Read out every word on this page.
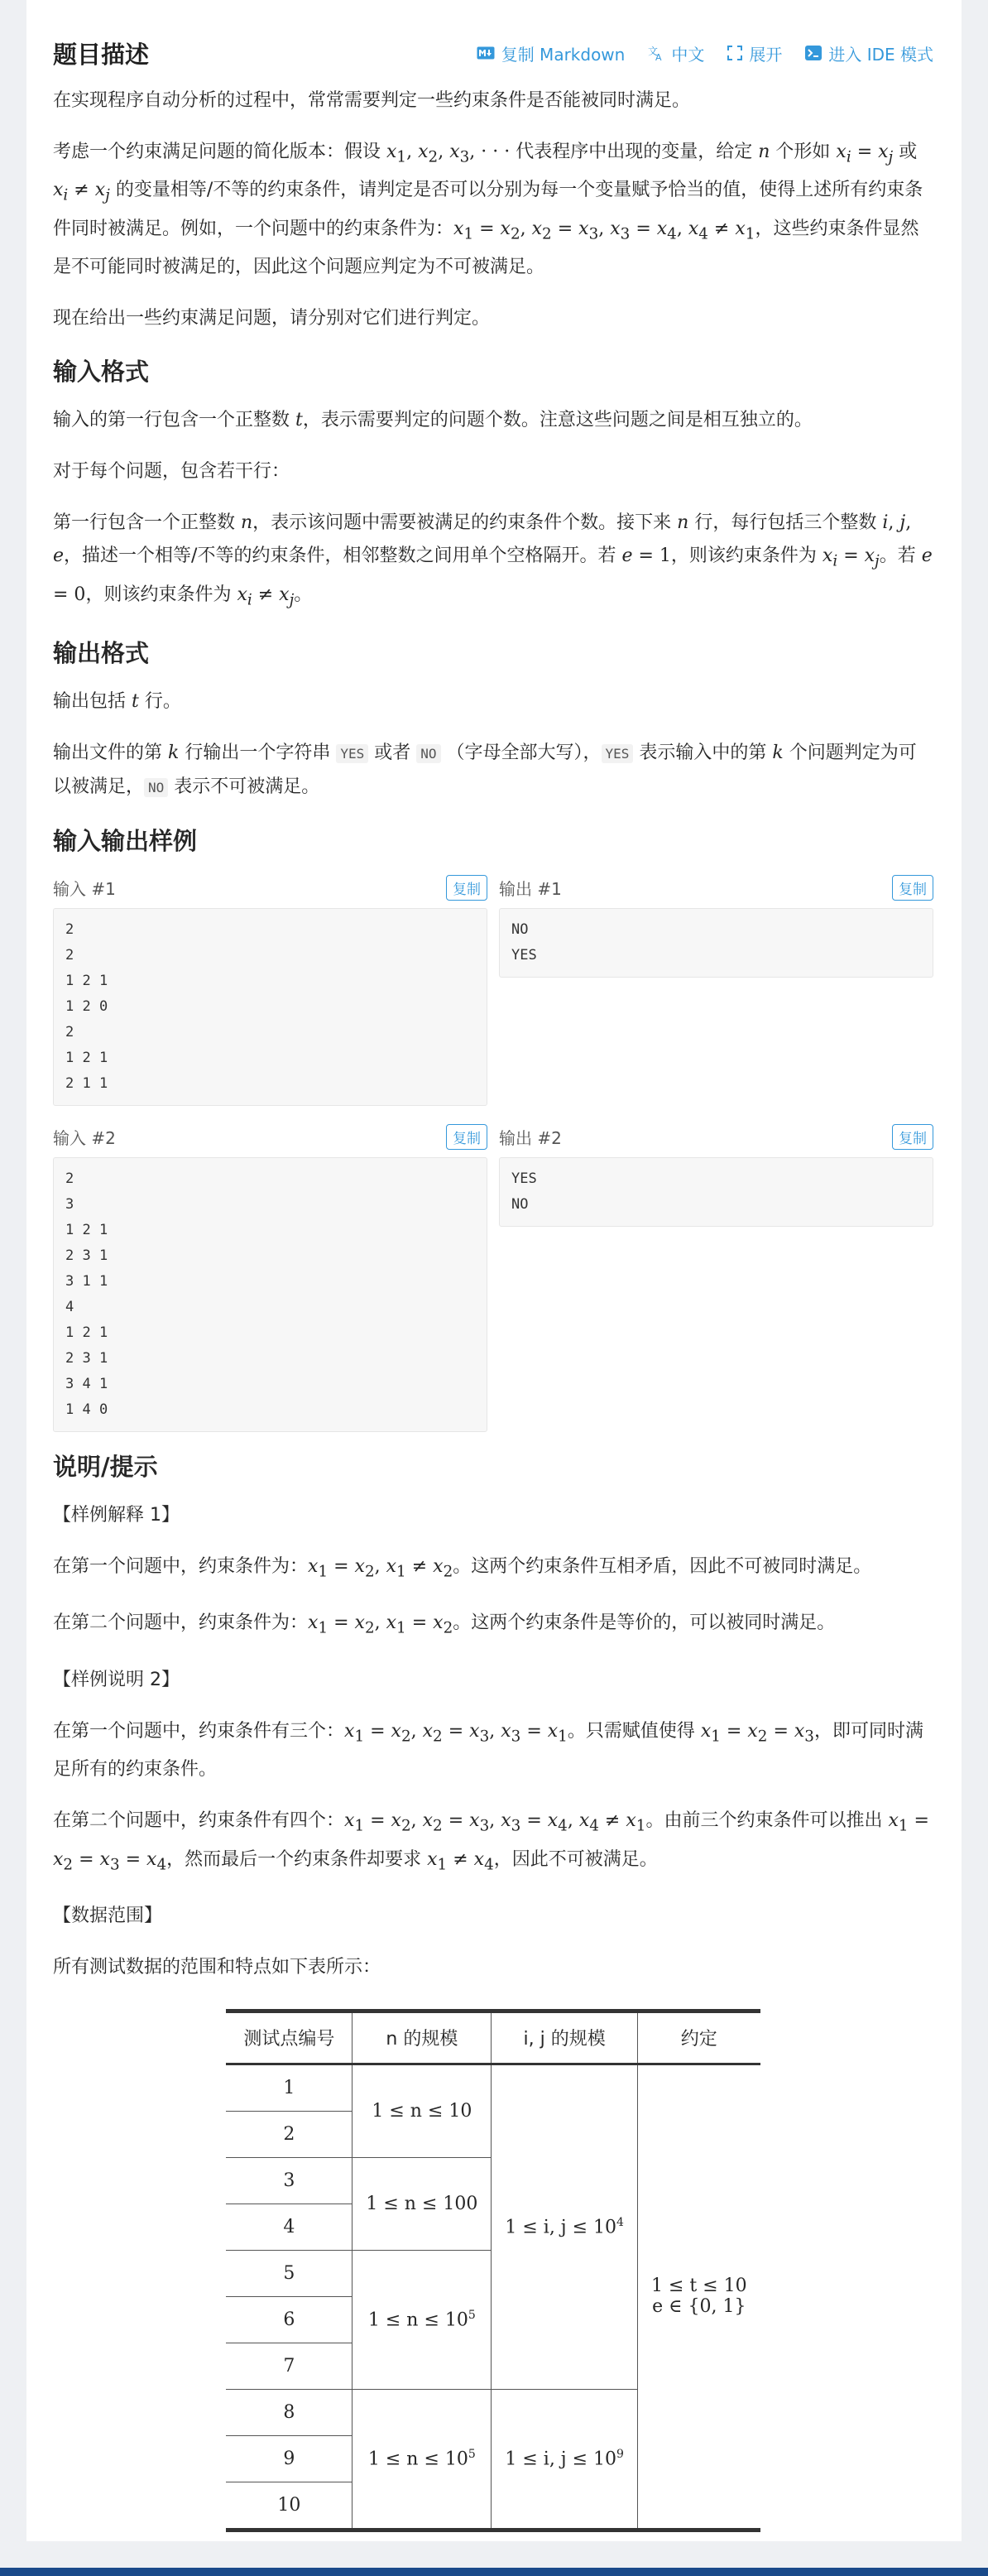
题目描述	复制 Markdown 文
A 中文	展开	进入 IDE 模式

在实现程序自动分析的过程中，常常需要判定一些约束条件是否能被同时满足。

考虑一个约束满足问题的简化版本：假设 $x_1$, $x_2$, $x_3$, · · · 代表程序中出现的变量，给定 n 个形如 $x_i = x_j$ 或 $x_i \ne x_j$ 的变量相等/不等的约束条件，请判定是否可以分别为每一个变量赋予恰当的值，使得上述所有约束条件同时被满足。例如，一个问题中的约束条件为：$x_1 = x_2$, $x_2 = x_3$, $x_3 = x_4$, $x_4 \ne x_1$，这些约束条件显然是不可能同时被满足的，因此这个问题应判定为不可被满足。

现在给出一些约束满足问题，请分别对它们进行判定。

输入格式

输入的第一行包含一个正整数 t，表示需要判定的问题个数。注意这些问题之间是相互独立的。

对于每个问题，包含若干行：

第一行包含一个正整数 n，表示该问题中需要被满足的约束条件个数。接下来 n 行，每行包括三个整数 i, j, e，描述一个相等/不等的约束条件，相邻整数之间用单个空格隔开。若 e = 1，则该约束条件为 $x_i = x_j$。若 e = 0，则该约束条件为 $x_i \ne x_j$。

输出格式

输出包括 t 行。

输出文件的第 k 行输出一个字符串 YES 或者 NO （字母全部大写）， YES 表示输入中的第 k 个问题判定为可以被满足， NO 表示不可被满足。

输入输出样例
输入 #1	复制
2
2
1 2 1
1 2 0
2
1 2 1
2 1 1
输出 #1	复制
NO
YES
输入 #2	复制
2
3
1 2 1
2 3 1
3 1 1
4
1 2 1
2 3 1
3 4 1
1 4 0
输出 #2	复制
YES
NO
说明/提示

【样例解释 1】

在第一个问题中，约束条件为：$x_1 = x_2$, $x_1 \ne x_2$。这两个约束条件互相矛盾，因此不可被同时满足。

在第二个问题中，约束条件为：$x_1 = x_2$, $x_1 = x_2$。这两个约束条件是等价的，可以被同时满足。

【样例说明 2】

在第一个问题中，约束条件有三个：$x_1 = x_2$, $x_2 = x_3$, $x_3 = x_1$。只需赋值使得 $x_1 = x_2 = x_3$，即可同时满足所有的约束条件。

在第二个问题中，约束条件有四个：$x_1 = x_2$, $x_2 = x_3$, $x_3 = x_4$, $x_4 \ne x_1$。由前三个约束条件可以推出 $x_1 = x_2 = x_3 = x_4$，然而最后一个约束条件却要求 $x_1 \ne x_4$，因此不可被满足。

【数据范围】

所有测试数据的范围和特点如下表所示：

测试点编号	n 的规模	i, j 的规模	约定
1	1 ≤ n ≤ 10	1 ≤ i, $j \le 10^4$	1 ≤ t ≤ 10
e ∈ {0, 1}

2			
3	1 ≤ n ≤ 100		
4			
5	$1 \le n \le 10^5$
6			
7			
8	$1 \le n \le 10^5$	1 ≤ i, $j \le 10^9$
9			
10			
